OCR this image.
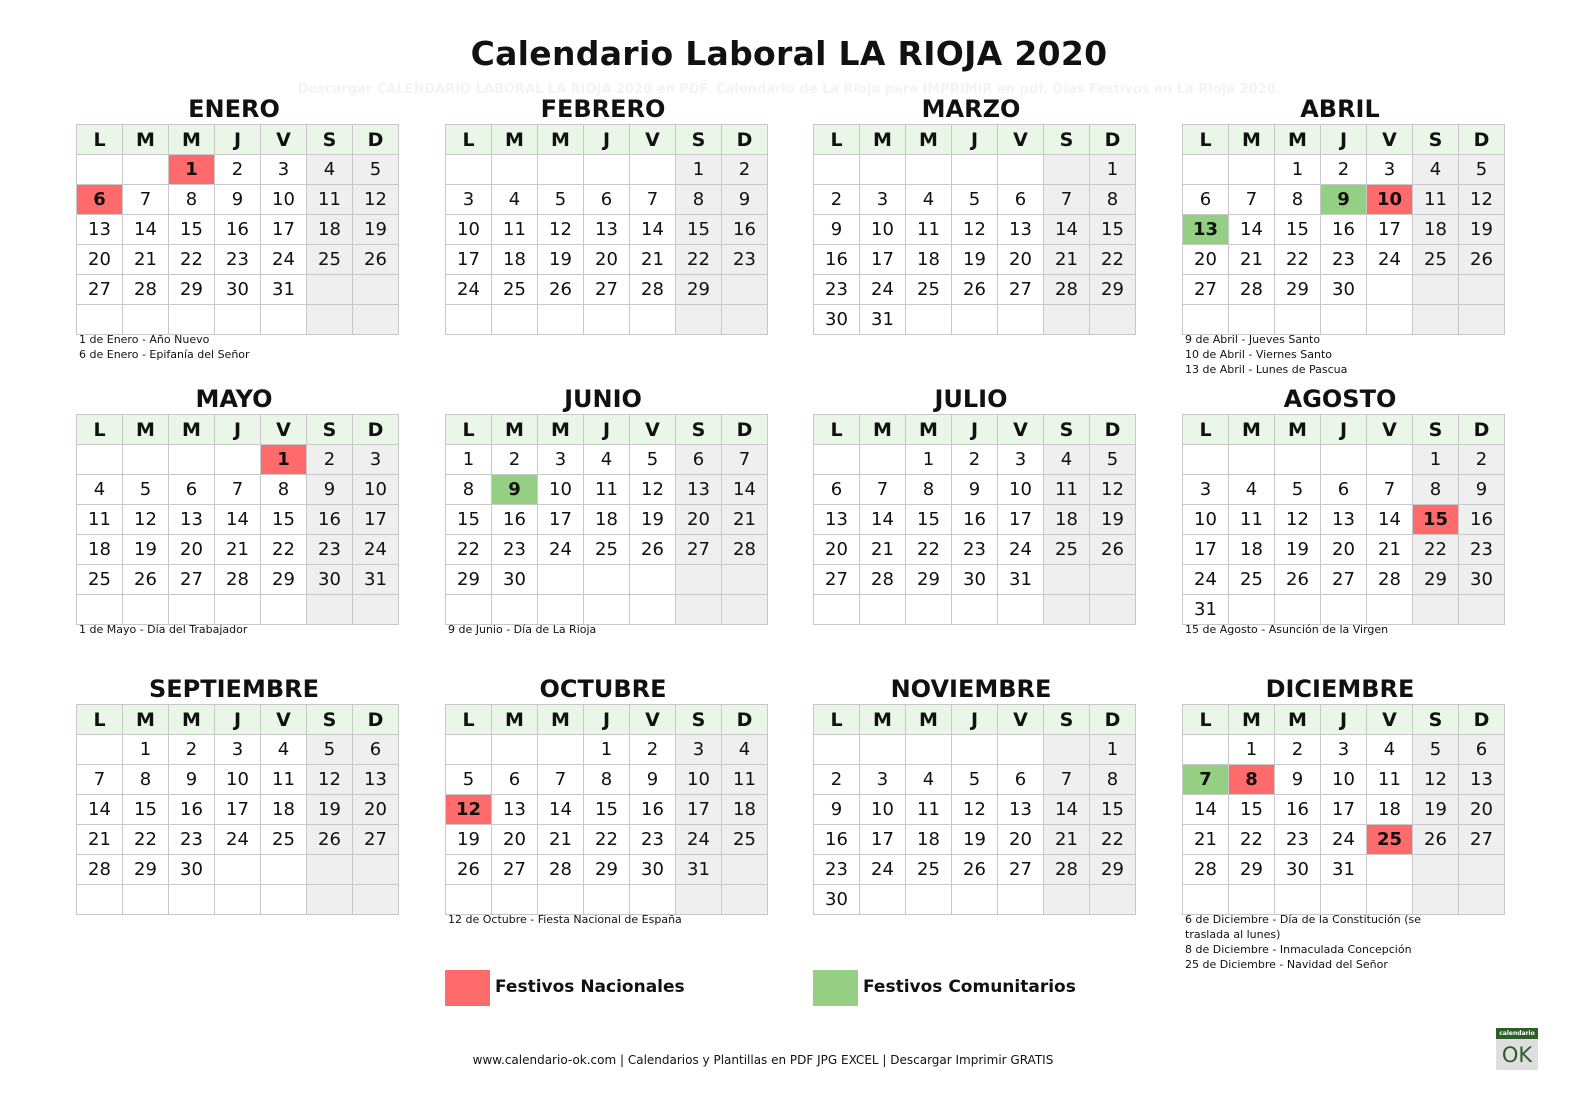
Calendario Laboral LA RIOJA 2020
Descargar CALENDARIO LABORAL LA RIOJA 2020 en PDF. Calendario de La Rioja para IMPRIMIR en pdf. Días Festivos en La Rioja 2020.
ENERO
L	M	M	J	V	S	D
		1	2	3	4	5
6	7	8	9	10	11	12
13	14	15	16	17	18	19
20	21	22	23	24	25	26
27	28	29	30	31		

1 de Enero - Año Nuevo
6 de Enero - Epifanía del Señor
FEBRERO
L	M	M	J	V	S	D
					1	2
3	4	5	6	7	8	9
10	11	12	13	14	15	16
17	18	19	20	21	22	23
24	25	26	27	28	29	

MARZO
L	M	M	J	V	S	D
						1
2	3	4	5	6	7	8
9	10	11	12	13	14	15
16	17	18	19	20	21	22
23	24	25	26	27	28	29
30	31					
ABRIL
L	M	M	J	V	S	D
		1	2	3	4	5
6	7	8	9	10	11	12
13	14	15	16	17	18	19
20	21	22	23	24	25	26
27	28	29	30			

9 de Abril - Jueves Santo
10 de Abril - Viernes Santo
13 de Abril - Lunes de Pascua
MAYO
L	M	M	J	V	S	D
				1	2	3
4	5	6	7	8	9	10
11	12	13	14	15	16	17
18	19	20	21	22	23	24
25	26	27	28	29	30	31

1 de Mayo - Día del Trabajador
JUNIO
L	M	M	J	V	S	D
1	2	3	4	5	6	7
8	9	10	11	12	13	14
15	16	17	18	19	20	21
22	23	24	25	26	27	28
29	30					

9 de Junio - Día de La Rioja
JULIO
L	M	M	J	V	S	D
		1	2	3	4	5
6	7	8	9	10	11	12
13	14	15	16	17	18	19
20	21	22	23	24	25	26
27	28	29	30	31		

AGOSTO
L	M	M	J	V	S	D
					1	2
3	4	5	6	7	8	9
10	11	12	13	14	15	16
17	18	19	20	21	22	23
24	25	26	27	28	29	30
31						
15 de Agosto - Asunción de la Virgen
SEPTIEMBRE
L	M	M	J	V	S	D
	1	2	3	4	5	6
7	8	9	10	11	12	13
14	15	16	17	18	19	20
21	22	23	24	25	26	27
28	29	30				

OCTUBRE
L	M	M	J	V	S	D
			1	2	3	4
5	6	7	8	9	10	11
12	13	14	15	16	17	18
19	20	21	22	23	24	25
26	27	28	29	30	31	

12 de Octubre - Fiesta Nacional de España
NOVIEMBRE
L	M	M	J	V	S	D
						1
2	3	4	5	6	7	8
9	10	11	12	13	14	15
16	17	18	19	20	21	22
23	24	25	26	27	28	29
30						
DICIEMBRE
L	M	M	J	V	S	D
	1	2	3	4	5	6
7	8	9	10	11	12	13
14	15	16	17	18	19	20
21	22	23	24	25	26	27
28	29	30	31			

6 de Diciembre - Día de la Constitución (se traslada al lunes)
8 de Diciembre - Inmaculada Concepción
25 de Diciembre - Navidad del Señor
Festivos Nacionales	Festivos Comunitarios
www.calendario-ok.com | Calendarios y Plantillas en PDF JPG EXCEL | Descargar Imprimir GRATIS
calendario
OK
